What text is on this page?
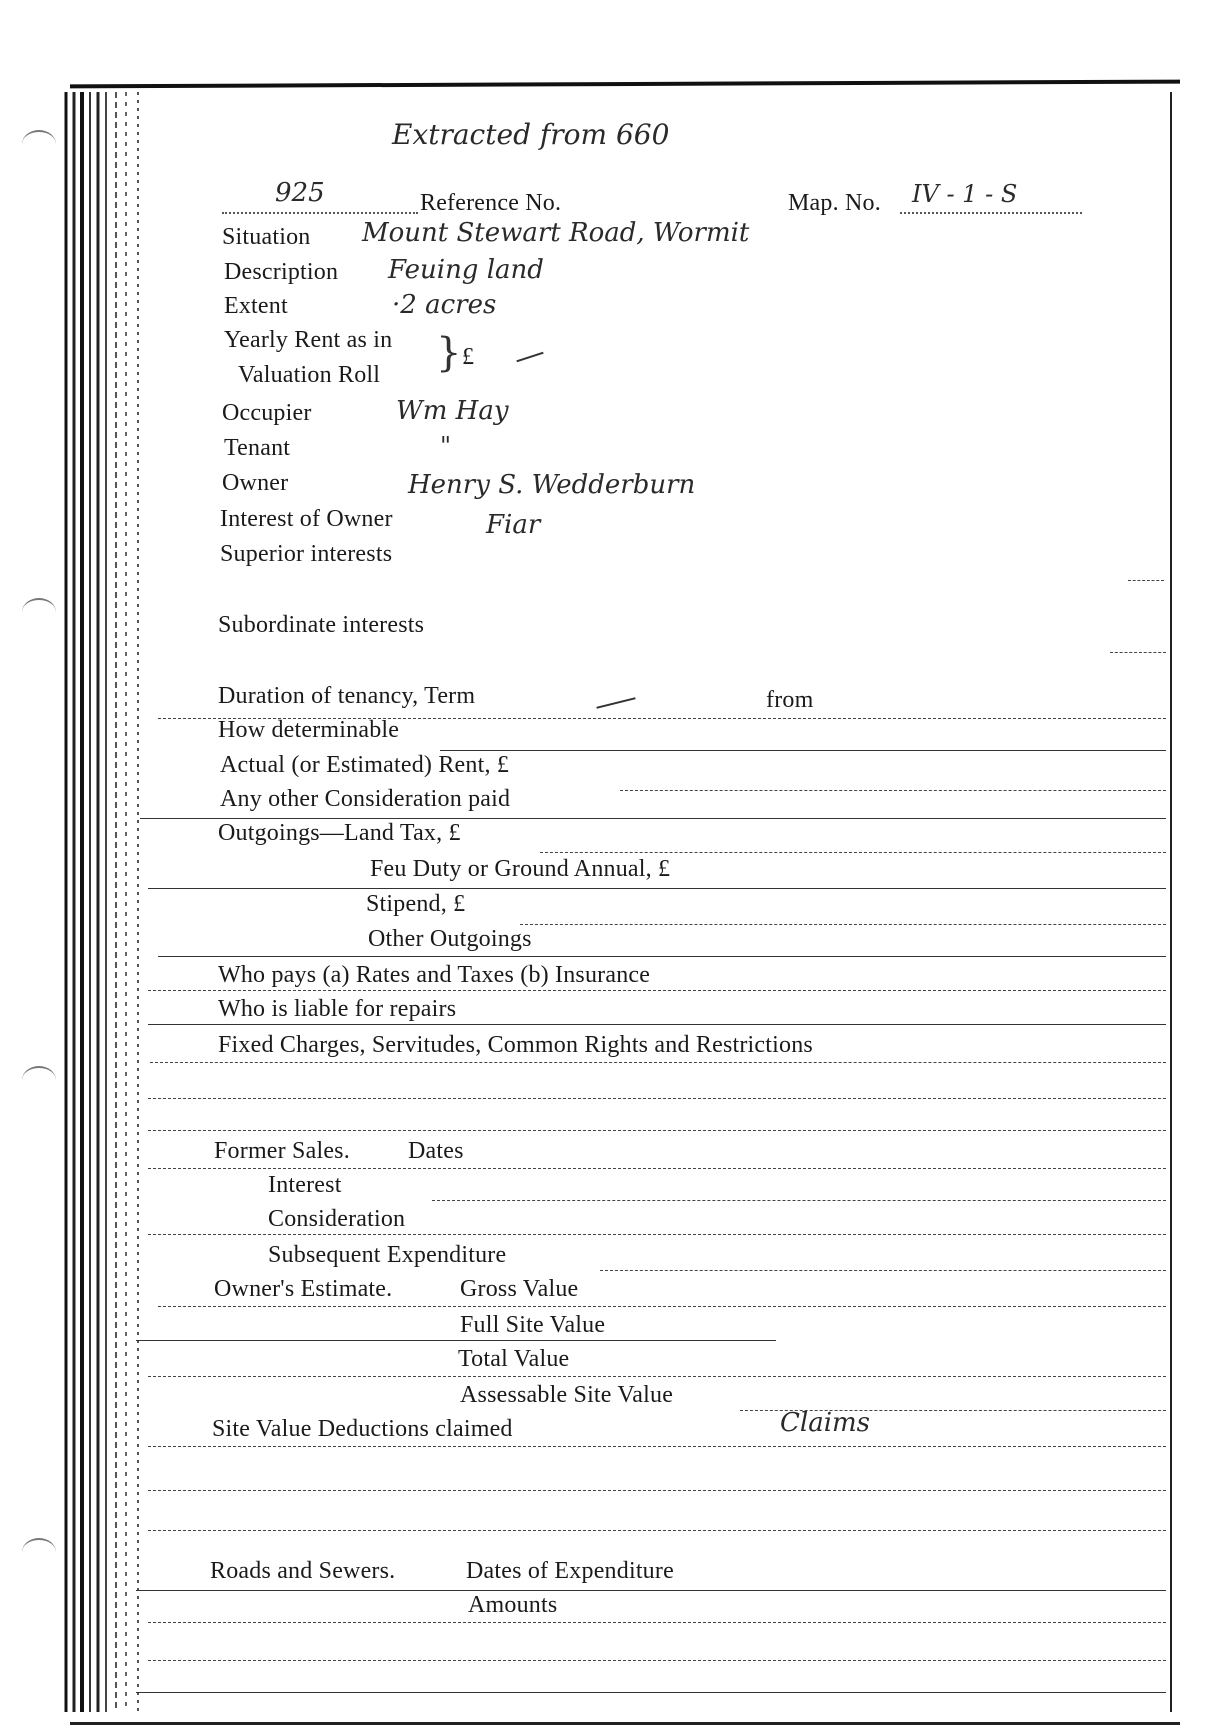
Extracted from 660
925	Reference No.	Map. No. IV - 1 - S
Situation Mount Stewart Road, Wormit
Description Feuing land
Extent	·2 acres
Yearly Rent as in
Valuation Roll } £
Occupier	Wm Hay
Tenant	"
Owner	Henry S. Wedderburn
Interest of Owner	Fiar
Superior interests
Subordinate interests
Duration of tenancy, Term	from
How determinable
Actual (or Estimated) Rent, £
Any other Consideration paid
Outgoings—Land Tax, £
Feu Duty or Ground Annual, £
Stipend, £
Other Outgoings
Who pays (a) Rates and Taxes (b) Insurance
Who is liable for repairs
Fixed Charges, Servitudes, Common Rights and Restrictions
Former Sales. Dates
Interest
Consideration
Subsequent Expenditure
Owner's Estimate.	Gross Value
Full Site Value
Total Value
Assessable Site Value
Site Value Deductions claimed	Claims
Roads and Sewers.	Dates of Expenditure
Amounts
